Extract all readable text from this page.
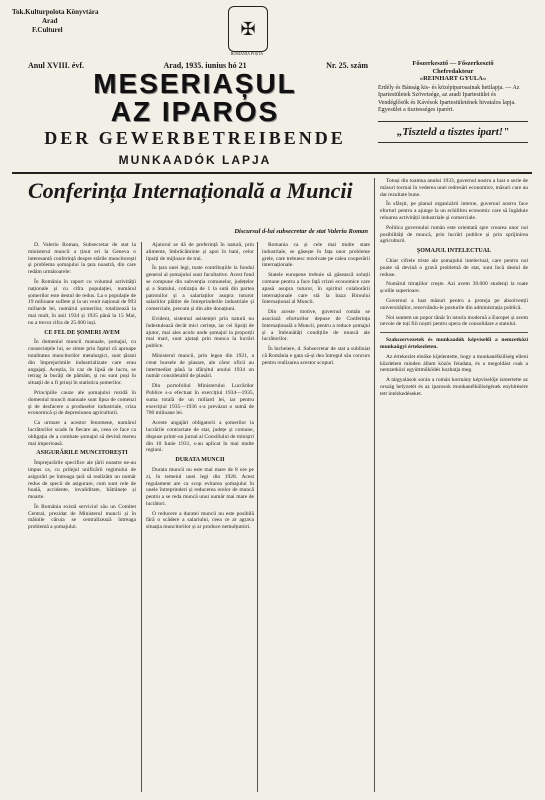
Tok.Kulturpolota Könyvtára
Arad
F.Culturel	✠
ROMÂNIA POȘTA
Anul XVIII. évf.	Arad, 1935. iunius hó 21	Nr. 25. szám
MESERIAȘUL
AZ IPAROS
DER GEWERBETREIBENDE
MUNKAADÓK LAPJA
Főszerkesztő — Főszerkesztő
Chefredakteur
»REINHART GYULA«

Erdély és Bánság kis- és középiparosainak hetilapja. — Az Ipartestületek Szövetsége, az aradi Ipartestület és Vendéglősök és Kávésok Ipartestületének hivatalos lapja. Egyesület a tisztességes iparért.

„Tiszteld a tisztes ipart!"
Conferința Internațională a Muncii
Discursul d-lui subsecretar de stat Valeriu Roman

D. Valeriu Roman, Subsecretar de stat la ministerul muncii a ținut eri la Geneva o interesantă conferință despre stările muncitorești și problema șomajului la țara noastră, din care redăm următoarele:

În România în raport cu volumul activității naționale și cu cifra populației, numărul șomerilor este destul de redus. La o populație de 19 milioane suflete și la un venit național de 993 miliarde lei, numărul șomerilor, totalizează la mai mult, în anii 1934 și 1935 până la 15 Mai, nu a trecut cifra de 25.000 inși.

CE FEL DE ȘOMERI AVEM

În domeniul muncii manuale, șomajul, cu consecințele lui, se simte prin faptul că aproape totalitatea muncitorilor metalurgici, sunt țărani din împrejurimile industrializate care erau angajați. Aceștia, în caz de lipsă de lucru, se retrag la bucăți de pământ, și nu sunt puși în situații de a fi prinși în statistica șomerilor.

Principiile cauze ale șomajului rezidă în domeniul muncii manuale sunt lipsa de comenzi și de desfacere a produselor industriale, criza economică și de depresiunea agriculturii.

Ca urmare a acestor fenomene, numărul lucrătorilor scade în fiecare an, ceea ce face ca obligația de a combate șomajul să devină mereu mai imperioasă.

ASIGURĂRILE MUNCITOREȘTI

Împrejurările specifice ale țării noastre ne-au impus ca, cu prilejul unificării regimului de asigurări pe întreaga țară să realizăm un număr redus de specii de asigurare, cum sunt cele de boală, accidente, invaliditate, bătrânețe și moarte.

În România există serviciul său un Comitet Central, prezidat de Ministerul muncii și în mâinile căruia se centralizează întreaga problemă a șomajului.

Ajutorul se dă de preferință în natură, prin alimente, îmbrăcăminte și apoi în bani, celor lipsiți de mijloace de trai.

În țara unei legi, toate contribuțiile la fondul general al șomajului sunt facultative. Acest fond se compune din subvenția comunelor, județelor și a Statului, cotizația de 1 la sută din partea patronilor și a salariaților asupra tuturor salariilor plătite de întreprinderile industriale și comerciale, precum și din alte donațiuni.

Evident, sistemul asistenței prin natură nu îndestulează decât mici cerințe, iar cei lipsiți de ajutor, mai ales acolo unde șomajul ia proporții mai mari, sunt ajutați prin munca la lucrări publice.

Ministerul muncii, prin legea din 1921, a creat bursele de plasare, ale căror oficii au intermediat până la sfârșitul anului 1934 un număr considerabil de plasări.

Din portofoliul Ministerului Lucrărilor Publice s-a efectuat în exercițiul 1934—1935, suma totală de un miliard lei, iar pentru exercițiul 1935—1936 s-a prevăzut o sumă de 700 milioane lei.

Aceste angajări obligatorii a șomerilor la lucrările contractate de stat, județe și comune, dispuse printr-un jurnal al Consiliului de miniștri din 10 Iunie 1931, s-au aplicat în mai multe regiuni.

DURATA MUNCII

Durata muncii nu este mai mare de 8 ore pe zi, în temeiul unei legi din 1928. Acest regulament are ca scop evitarea șomajului în unele întreprinderi și reducerea orelor de muncă pentru a se reda muncă unui număr mai mare de lucrători.

O reducere a duratei muncii nu este posibilă fără o scădere a salariului, ceea ce ar agrava situația muncitorilor și ar produce nemulțumiri.

Romania ca și cele mai multe state industriale, se găsește în fața unor probleme grele, care trebuesc rezolvate pe calea cooperării internaționale.

Statele europene trebuie să găsească soluții comune pentru a face față crizei economice care apasă asupra tuturor, în spiritul colaborării internaționale care stă la baza Biroului Internațional al Muncii.

Din aceste motive, guvernul român se asociază eforturilor depuse de Conferința Internațională a Muncii, pentru a reduce șomajul și a îmbunătăți condițiile de muncă ale lucrătorilor.

În încheiere, d. Subsecretar de stat a subliniat că România e gata să-și dea întregul său concurs pentru realizarea acestor scopuri.

Totuși din toamna anului 1933, guvernul nostru a luat o serie de măsuri tocmai în vederea unei redresări economice, măsuri care au dat rezultate bune.

În sfârșit, pe planul organizării interne, guvernul nostru face eforturi pentru a ajunge la un echilibru economic care să îngăduie reluarea activității industriale și comerciale.

Politica guvernului român este orientată spre crearea unor noi posibilități de muncă, prin lucrări publice și prin sprijinirea agriculturii.

ȘOMAJUL INTELECTUAL

Chiar cifrele triste ale șomajului intelectual, care pentru noi poate să devină o gravă problemă de stat, sunt încă destul de reduse.

Numărul titrațiilor crește. Azi avem 39.000 studenți la toate școlile superioare.

Guvernul a luat măsuri pentru a proteja pe absolvenții universităților, rezervându-le posturile din administrația publică.

Noi suntem un popor tânăr în istoria modernă a Europei și avem nevoie de toți fiii noștri pentru opera de consolidare a statului.

Szakszervezetek és munkaadók képviselői a nemzetközi munkaügyi értekezleten.

Az értekezlet elnöke kijelentette, hogy a munkanélküliség elleni küzdelem minden állam közös feladata, és a megoldást csak a nemzetközi együttműködés hozhatja meg.

A tárgyalások során a román kormány képviselője ismertette az ország helyzetét és az iparosok munkanélküliségének enyhítésére tett intézkedéseket.
